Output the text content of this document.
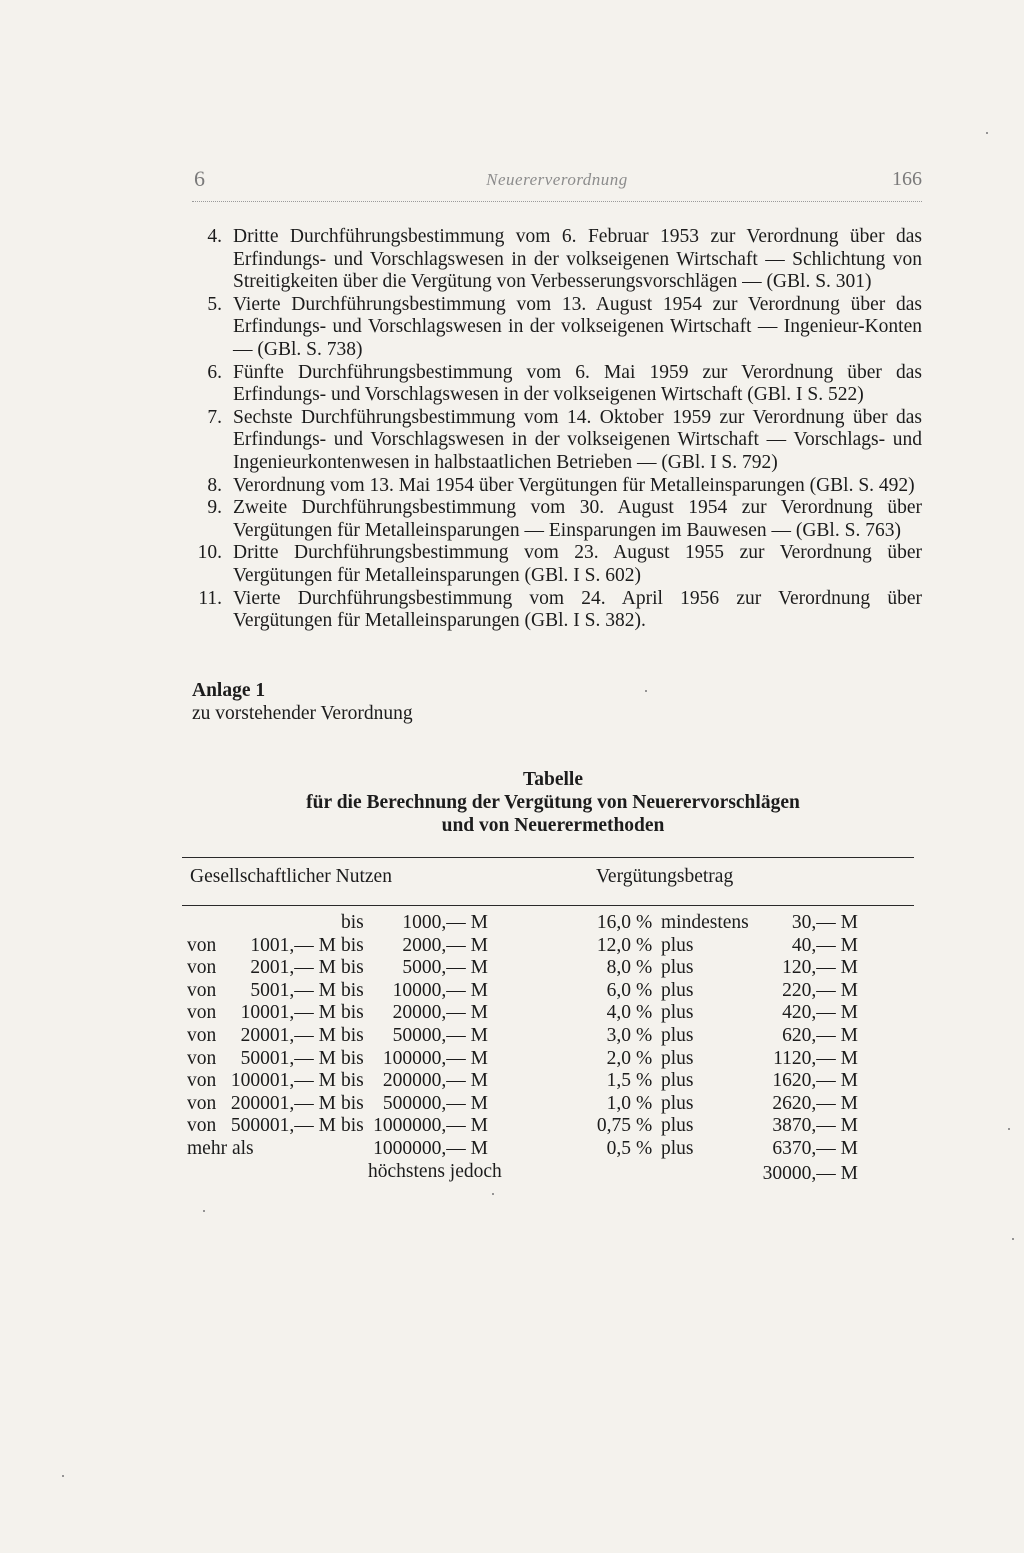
6	Neuererverordnung	166
4. Dritte Durchführungsbestimmung vom 6. Februar 1953 zur Verordnung über das Erfindungs- und Vorschlagswesen in der volkseigenen Wirtschaft — Schlichtung von Streitigkeiten über die Vergütung von Verbesserungsvorschlägen — (GBl. S. 301)
5. Vierte Durchführungsbestimmung vom 13. August 1954 zur Verordnung über das Erfindungs- und Vorschlagswesen in der volkseigenen Wirtschaft — Ingenieur-Konten — (GBl. S. 738)
6. Fünfte Durchführungsbestimmung vom 6. Mai 1959 zur Verordnung über das Erfindungs- und Vorschlagswesen in der volkseigenen Wirtschaft (GBl. I S. 522)
7. Sechste Durchführungsbestimmung vom 14. Oktober 1959 zur Verordnung über das Erfindungs- und Vorschlagswesen in der volkseigenen Wirtschaft — Vorschlags- und Ingenieurkontenwesen in halbstaatlichen Betrieben — (GBl. I S. 792)
8. Verordnung vom 13. Mai 1954 über Vergütungen für Metalleinsparungen (GBl. S. 492)
9. Zweite Durchführungsbestimmung vom 30. August 1954 zur Verordnung über Vergütungen für Metalleinsparungen — Einsparungen im Bauwesen — (GBl. S. 763)
10. Dritte Durchführungsbestimmung vom 23. August 1955 zur Verordnung über Vergütungen für Metalleinsparungen (GBl. I S. 602)
11. Vierte Durchführungsbestimmung vom 24. April 1956 zur Verordnung über Vergütungen für Metalleinsparungen (GBl. I S. 382).
Anlage 1
zu vorstehender Verordnung
Tabelle
für die Berechnung der Vergütung von Neuerervorschlägen
und von Neuerermethoden
Gesellschaftlicher Nutzen	Vergütungsbetrag
bis	1000,— M	16,0 % mindestens	30,— M
von	1001,— M bis	2000,— M	12,0 % plus	40,— M
von	2001,— M bis	5000,— M	8,0 % plus	120,— M
von	5001,— M bis	10000,— M	6,0 % plus	220,— M
von	10001,— M bis	20000,— M	4,0 % plus	420,— M
von	20001,— M bis	50000,— M	3,0 % plus	620,— M
von	50001,— M bis 100000,— M	2,0 % plus	1120,— M
von 100001,— M bis 200000,— M	1,5 % plus	1620,— M
von 200001,— M bis 500000,— M	1,0 % plus	2620,— M
von 500001,— M bis 1000000,— M	0,75 % plus	3870,— M
mehr als	1000000,— M	0,5 % plus	6370,— M
höchstens jedoch	30000,— M
